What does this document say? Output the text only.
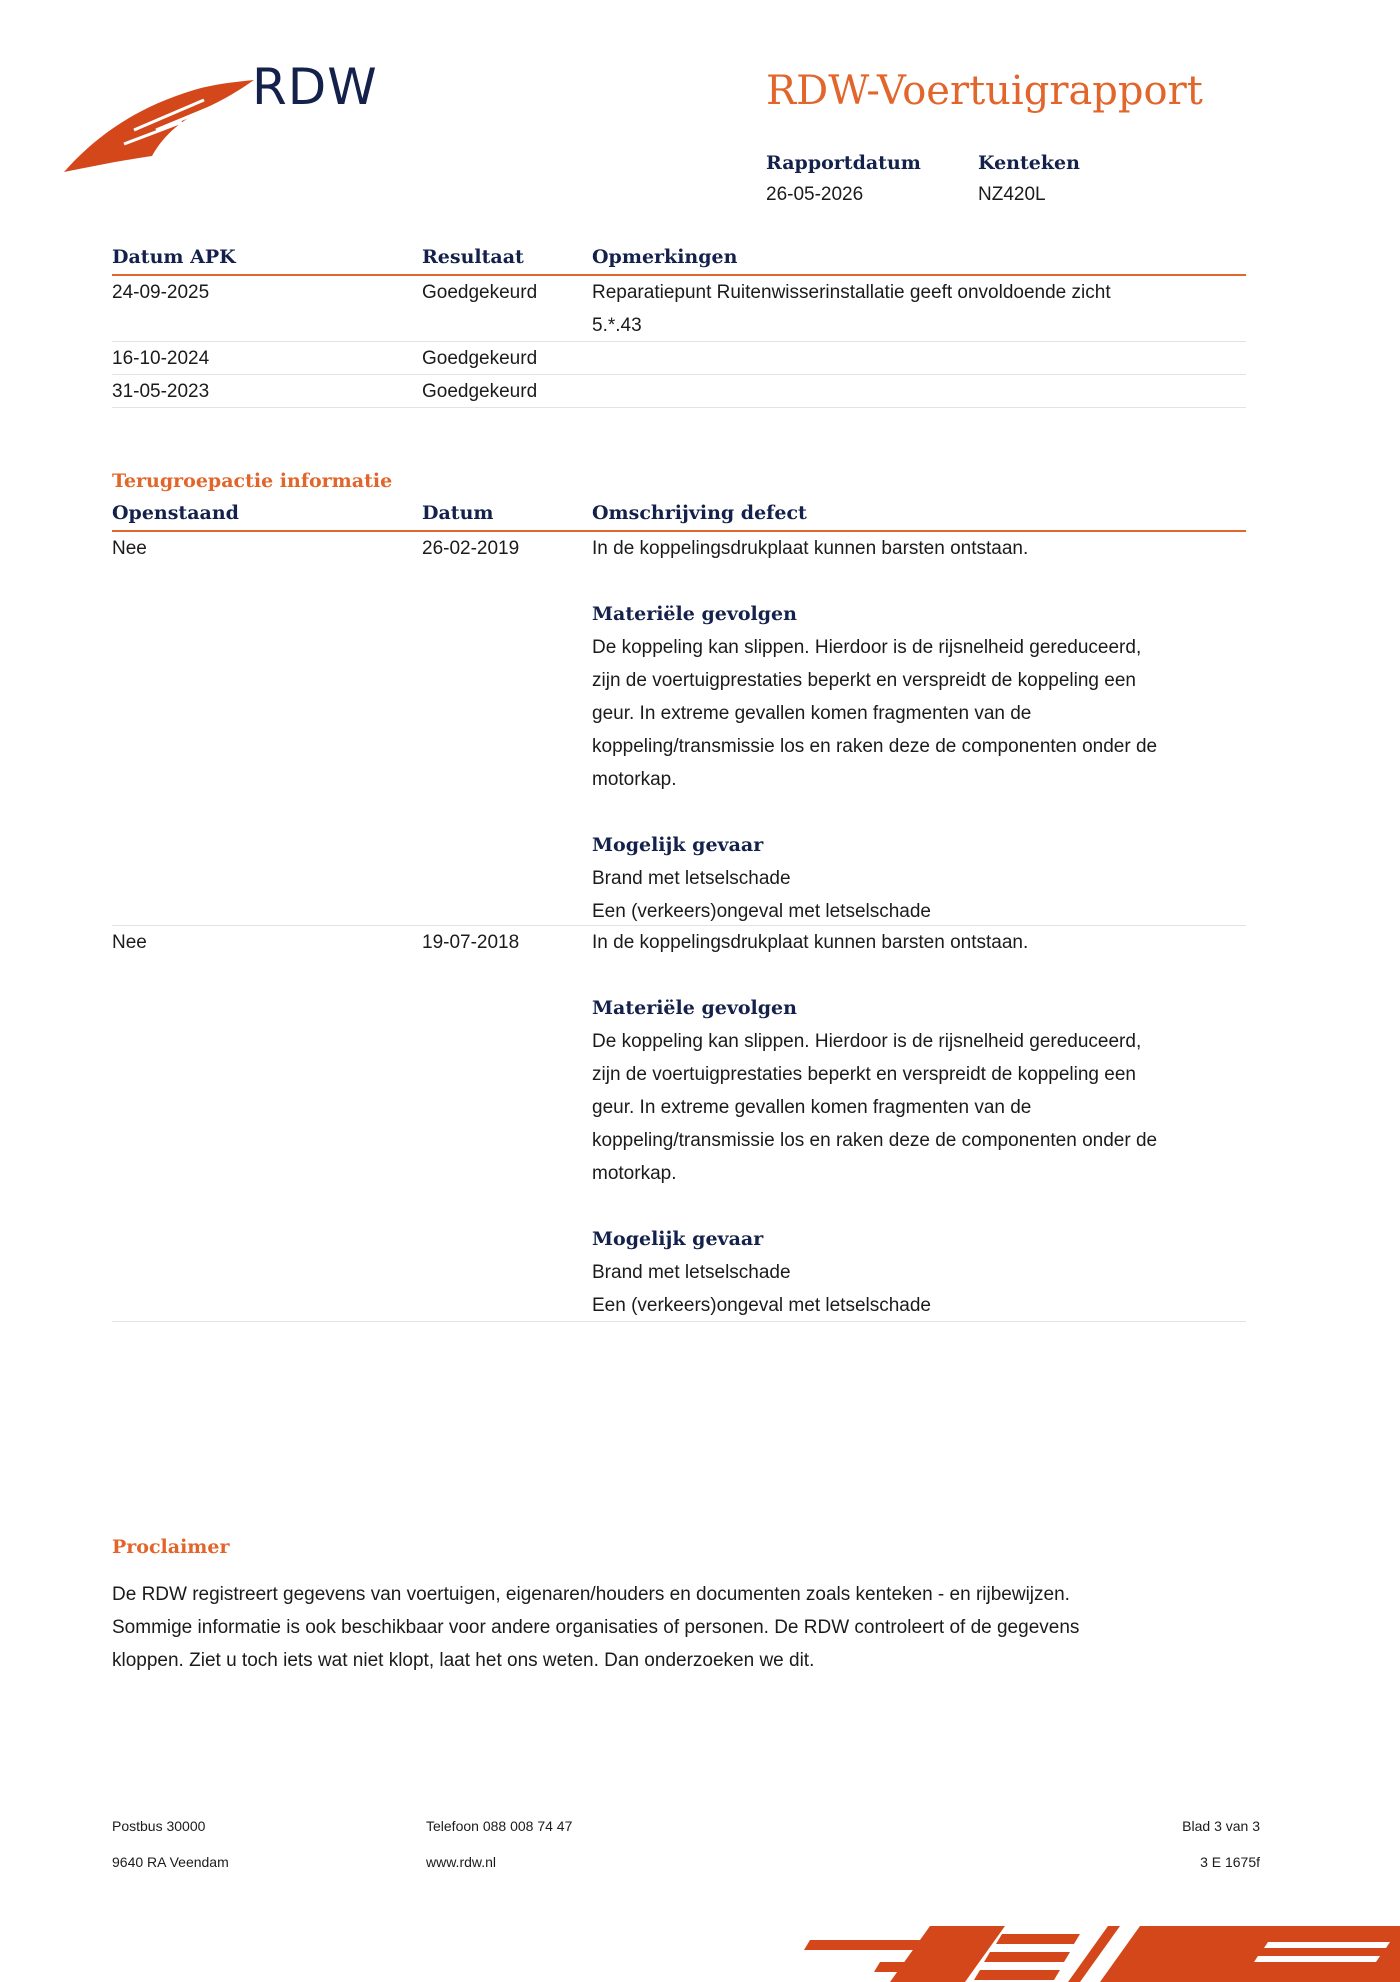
RDW	RDW-Voertuigrapport
Rapportdatum
26-05-2026
Kenteken
NZ420L
Datum APK	Resultaat	Opmerkingen
24-09-2025	Goedgekeurd	Reparatiepunt Ruitenwisserinstallatie geeft onvoldoende zicht
5.*.43
16-10-2024	Goedgekeurd
31-05-2023	Goedgekeurd
Terugroepactie informatie
Openstaand	Datum	Omschrijving defect
Nee	26-02-2019	In de koppelingsdrukplaat kunnen barsten ontstaan.
Materiële gevolgen
De koppeling kan slippen. Hierdoor is de rijsnelheid gereduceerd,
zijn de voertuigprestaties beperkt en verspreidt de koppeling een
geur. In extreme gevallen komen fragmenten van de
koppeling/transmissie los en raken deze de componenten onder de
motorkap.
Mogelijk gevaar
Brand met letselschade
Een (verkeers)ongeval met letselschade
Nee	19-07-2018	In de koppelingsdrukplaat kunnen barsten ontstaan.
Materiële gevolgen
De koppeling kan slippen. Hierdoor is de rijsnelheid gereduceerd,
zijn de voertuigprestaties beperkt en verspreidt de koppeling een
geur. In extreme gevallen komen fragmenten van de
koppeling/transmissie los en raken deze de componenten onder de
motorkap.
Mogelijk gevaar
Brand met letselschade
Een (verkeers)ongeval met letselschade
Proclaimer
De RDW registreert gegevens van voertuigen, eigenaren/houders en documenten zoals kenteken - en rijbewijzen.
Sommige informatie is ook beschikbaar voor andere organisaties of personen. De RDW controleert of de gegevens
kloppen. Ziet u toch iets wat niet klopt, laat het ons weten. Dan onderzoeken we dit.
Postbus 30000
9640 RA Veendam
Telefoon 088 008 74 47
www.rdw.nl
Blad 3 van 3
3 E 1675f
